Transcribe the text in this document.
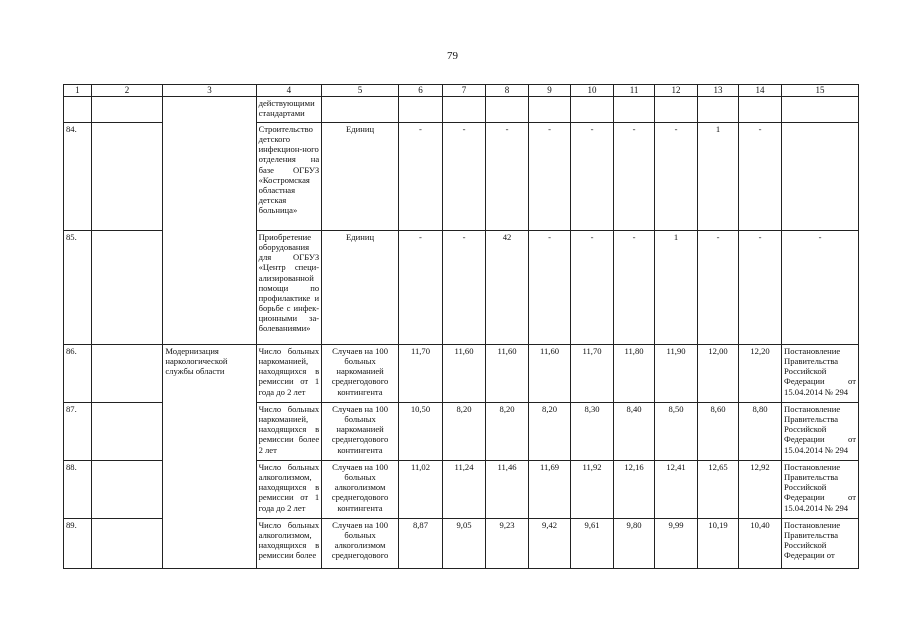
79
1	2	3	4	5	6	7	8	9	10	11	12	13	14	15
			действующими стандартами											
84.			Строительство детского инфекцион-ного отделения на базе ОГБУЗ «Костромская областная детская больница»	Единиц	-	-	-	-	-	-	-	1	-	
85.			Приобретение оборудования для ОГБУЗ «Центр специ-ализированной помощи по профилактике и борьбе с инфек-ционными за-болеваниями»	Единиц	-	-	42	-	-	-	1	-	-	-
86.		Модернизация наркологической службы области	Число больных наркоманией, находящихся в ремиссии от 1 года до 2 лет	Случаев на 100 больных наркоманией среднегодового контингента	11,70	11,60	11,60	11,60	11,70	11,80	11,90	12,00	12,20	Постановление Правительства Российской Федерации от 15.04.2014 № 294
87.			Число больных наркоманией, находящихся в ремиссии более 2 лет	Случаев на 100 больных наркоманией среднегодового контингента	10,50	8,20	8,20	8,20	8,30	8,40	8,50	8,60	8,80	Постановление Правительства Российской Федерации от 15.04.2014 № 294
88.			Число больных алкоголизмом, находящихся в ремиссии от 1 года до 2 лет	Случаев на 100 больных алкоголизмом среднегодового контингента	11,02	11,24	11,46	11,69	11,92	12,16	12,41	12,65	12,92	Постановление Правительства Российской Федерации от 15.04.2014 № 294
89.			Число больных алкоголизмом, находящихся в ремиссии более	Случаев на 100 больных алкоголизмом среднегодового	8,87	9,05	9,23	9,42	9,61	9,80	9,99	10,19	10,40	Постановление Правительства Российской Федерации от
